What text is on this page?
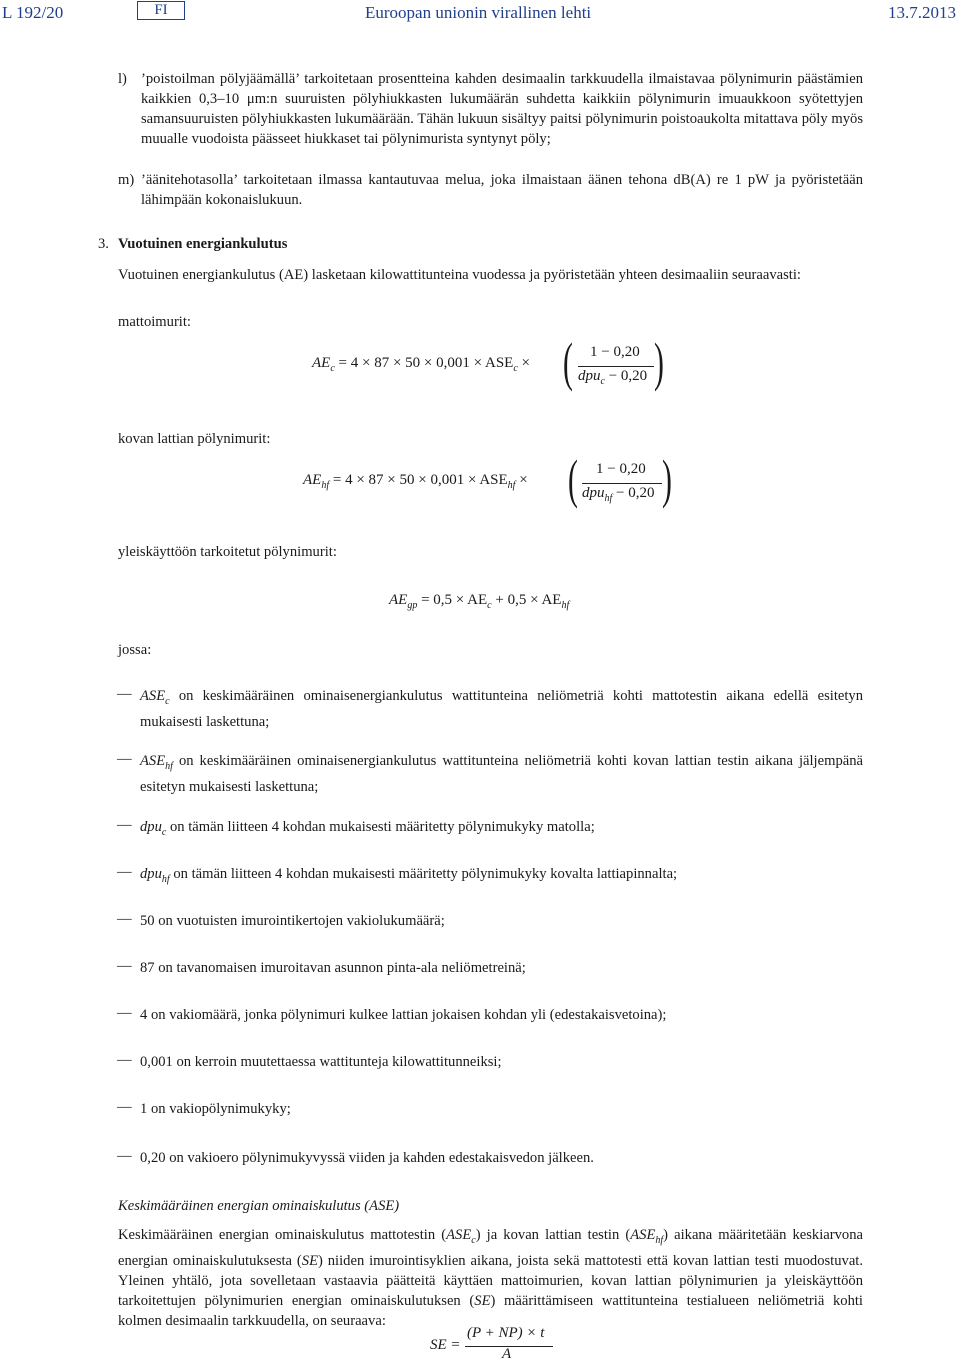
L 192/20	FI	Euroopan unionin virallinen lehti	13.7.2013
l) ’poistoilman pölyjäämällä’ tarkoitetaan prosentteina kahden desimaalin tarkkuudella ilmaistavaa pölynimurin päästämien kaikkien 0,3–10 μm:n suuruisten pölyhiukkasten lukumäärän suhdetta kaikkiin pölynimurin imuaukkoon syötettyjen samansuuruisten pölyhiukkasten lukumäärään. Tähän lukuun sisältyy paitsi pölynimurin poistoaukolta mitattava pöly myös muualle vuodoista päässeet hiukkaset tai pölynimurista syntynyt pöly;
m) ’äänitehotasolla’ tarkoitetaan ilmassa kantautuvaa melua, joka ilmaistaan äänen tehona dB(A) re 1 pW ja pyöristetään lähimpään kokonaislukuun.
3. Vuotuinen energiankulutus
Vuotuinen energiankulutus (AE) lasketaan kilowattitunteina vuodessa ja pyöristetään yhteen desimaaliin seuraavasti:
mattoimurit:
$AE_c = 4 \times 87 \times 50 \times 0,001 \times ASE_c$ × ( 1 − 0,20
dpu$_c$ − 0,20 )
kovan lattian pölynimurit:
$AE_{hf} = 4 \times 87 \times 50 \times 0,001 \times ASE_{hf}$ × ( 1 − 0,20
dpu$_{hf}$ − 0,20 )
yleiskäyttöön tarkoitetut pölynimurit:
$AE_{gp} = 0,5 \times AE_c + 0,5 \times AE_{hf}$
jossa:
— $ASE_c$ on keskimääräinen ominaisenergiankulutus wattitunteina neliömetriä kohti mattotestin aikana edellä esitetyn mukaisesti laskettuna;
— $ASE_{hf}$ on keskimääräinen ominaisenergiankulutus wattitunteina neliömetriä kohti kovan lattian testin aikana jäljempänä esitetyn mukaisesti laskettuna;
— dpu$_c$ on tämän liitteen 4 kohdan mukaisesti määritetty pölynimukyky matolla;
— dpu$_{hf}$ on tämän liitteen 4 kohdan mukaisesti määritetty pölynimukyky kovalta lattiapinnalta;
— 50 on vuotuisten imurointikertojen vakiolukumäärä;
— 87 on tavanomaisen imuroitavan asunnon pinta-ala neliömetreinä;
— 4 on vakiomäärä, jonka pölynimuri kulkee lattian jokaisen kohdan yli (edestakaisvetoina);
— 0,001 on kerroin muutettaessa wattitunteja kilowattitunneiksi;
— 1 on vakiopölynimukyky;
— 0,20 on vakioero pölynimukyvyssä viiden ja kahden edestakaisvedon jälkeen.
Keskimääräinen energian ominaiskulutus (ASE)
Keskimääräinen energian ominaiskulutus mattotestin $(ASE_c)$ ja kovan lattian testin $(ASE_{hf})$ aikana määritetään keskiarvona energian ominaiskulutuksesta (SE) niiden imurointisyklien aikana, joista sekä mattotesti että kovan lattian testi muodostuvat. Yleinen yhtälö, jota sovelletaan vastaavia päätteitä käyttäen mattoimurien, kovan lattian pölynimurien ja yleiskäyttöön tarkoitettujen pölynimurien energian ominaiskulutuksen (SE) määrittämiseen wattitunteina testialueen neliömetriä kohti kolmen desimaalin tarkkuudella, on seuraava:
SE =
(P + NP) × t
A
